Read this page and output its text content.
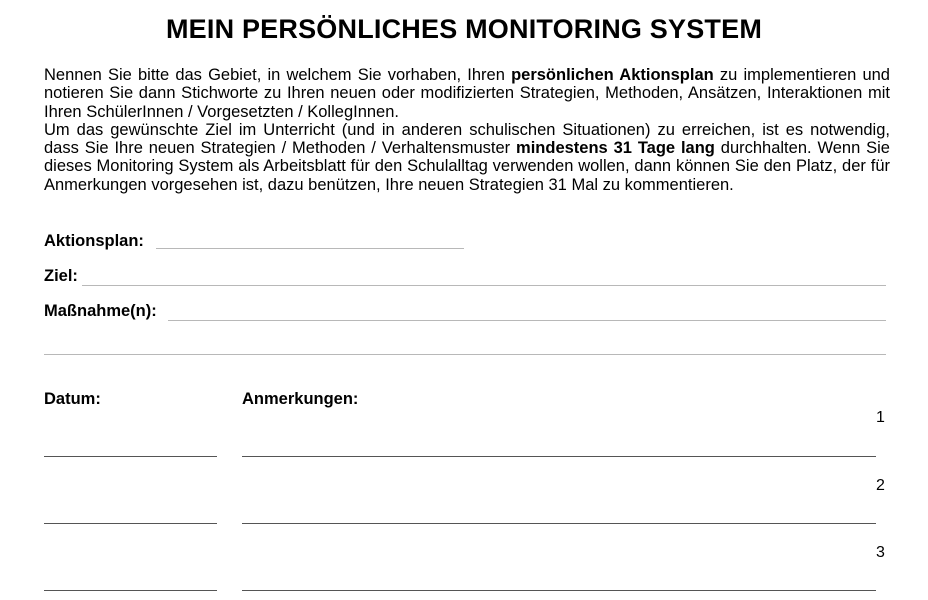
MEIN PERSÖNLICHES MONITORING SYSTEM
Nennen Sie bitte das Gebiet, in welchem Sie vorhaben, Ihren persönlichen Aktionsplan zu implementieren und notieren Sie dann Stichworte zu Ihren neuen oder modifizierten Strategien, Methoden, Ansätzen, Interaktionen mit Ihren SchülerInnen / Vorgesetzten / KollegInnen.
Um das gewünschte Ziel im Unterricht (und in anderen schulischen Situationen) zu erreichen, ist es notwendig, dass Sie Ihre neuen Strategien / Methoden / Verhaltensmuster mindestens 31 Tage lang durchhalten. Wenn Sie dieses Monitoring System als Arbeitsblatt für den Schulalltag verwenden wollen, dann können Sie den Platz, der für Anmerkungen vorgesehen ist, dazu benützen, Ihre neuen Strategien 31 Mal zu kommentieren.
Aktionsplan:
Ziel:
Maßnahme(n):
Datum:	Anmerkungen:
1
2
3
